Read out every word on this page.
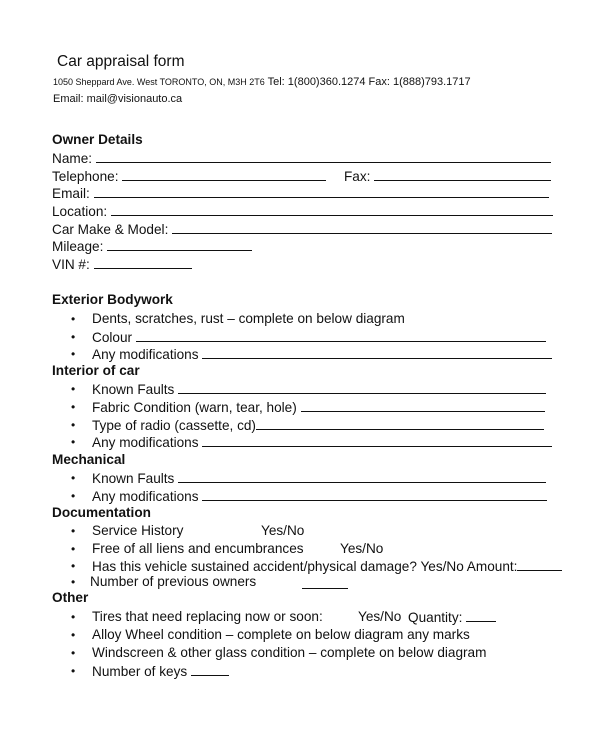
Car appraisal form
1050 Sheppard Ave. West TORONTO, ON, M3H 2T6 Tel: 1(800)360.1274 Fax: 1(888)793.1717
Email: mail@visionauto.ca
Owner Details
Name:
Telephone:	Fax:
Email:
Location:
Car Make & Model:
Mileage:
VIN #:
Exterior Bodywork
• Dents, scratches, rust – complete on below diagram
• Colour
• Any modifications
Interior of car
• Known Faults
• Fabric Condition (warn, tear, hole)
• Type of radio (cassette, cd)
• Any modifications
Mechanical
• Known Faults
• Any modifications
Documentation
• Service History	Yes/No
• Free of all liens and encumbrances	Yes/No
• Has this vehicle sustained accident/physical damage? Yes/No Amount:
• Number of previous owners
Other
• Tires that need replacing now or soon:	Yes/No Quantity:
• Alloy Wheel condition – complete on below diagram any marks
• Windscreen & other glass condition – complete on below diagram
• Number of keys
